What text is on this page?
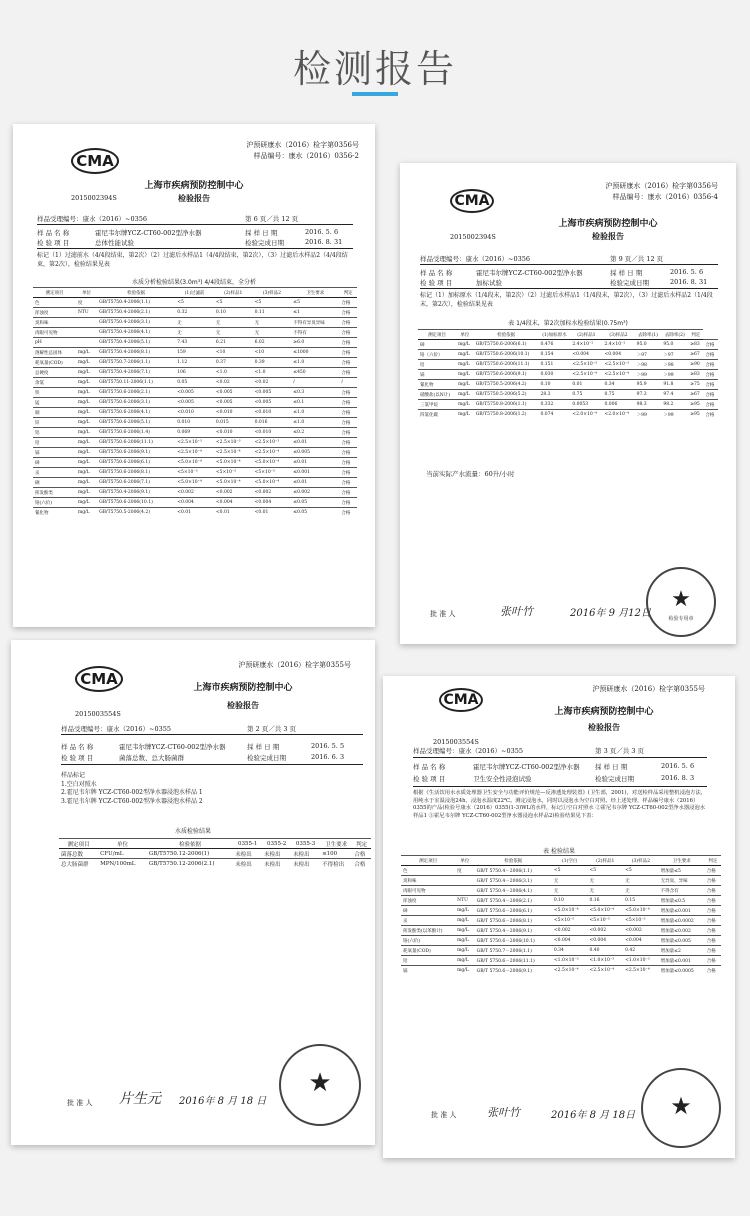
检测报告
CMA
沪预研康水（2016）检字第0356号
样品编号：康水（2016）0356-2
2015002394S
上海市疾病预防控制中心
检验报告
样品受理编号：康水（2016）~0356	第 6 页／共 12 页
样 品 名 称	霍尼韦尔牌YCZ-CT60-002型净水器	採 样 日 期	2016. 5. 6
检 验 项 目	总体性能试验	检验完成日期	2016. 8. 31
标记（1）过滤前水（4/4段结束，第2次）（2）过滤后水样品1（4/4段结束，第2次），（3）过滤后水样品2（4/4段结束，第2次），检验结果见表
水质分析检验结果(3.0m³) 4/4段结束，全分析
测定项目	单位	检验依据	(1)过滤前	(2)样品1	(3)样品2	卫生要求	判定
色	度	GB/T5750.4-2006(1.1)	<5	<5	<5	≤5	合格
浑浊度	NTU	GB/T5750.4-2006(2.1)	0.32	0.10	0.11	≤1	合格
臭和味		GB/T5750.4-2006(3.1)	无	无	无	不得有异臭异味	合格
肉眼可见物		GB/T5750.4-2006(4.1)	无	无	无	不得有	合格
pH		GB/T5750.4-2006(5.1)	7.43	6.21	6.02	≥6.0	合格
溶解性总固体	mg/L	GB/T5750.4-2006(8.1)	159	<10	<10	≤1000	合格
耗氧量(COD)	mg/L	GB/T5750.7-2006(1.1)	1.12	0.37	0.39	≤1.0	合格
总硬度	mg/L	GB/T5750.4-2006(7.1)	106	<1.0	<1.0	≤450	合格
余氯	mg/L	GB/T5750.11-2006(1.1)	0.05	<0.02	<0.02	/	/
铁	mg/L	GB/T5750.6-2006(2.1)	<0.005	<0.005	<0.005	≤0.3	合格
锰	mg/L	GB/T5750.6-2006(3.1)	<0.005	<0.005	<0.005	≤0.1	合格
铜	mg/L	GB/T5750.6-2006(4.1)	<0.010	<0.010	<0.010	≤1.0	合格
锌	mg/L	GB/T5750.6-2006(5.1)	0.010	0.015	0.016	≤1.0	合格
铝	mg/L	GB/T5750.6-2006(1.4)	0.069	<0.010	<0.010	≤0.2	合格
铅	mg/L	GB/T5750.6-2006(11.1)	<2.5×10⁻³	<2.5×10⁻³	<2.5×10⁻³	≤0.01	合格
镉	mg/L	GB/T5750.6-2006(9.1)	<2.5×10⁻⁴	<2.5×10⁻⁴	<2.5×10⁻⁴	≤0.005	合格
砷	mg/L	GB/T5750.6-2006(6.1)	<5.0×10⁻⁴	<5.0×10⁻⁴	<5.0×10⁻⁴	≤0.01	合格
汞	mg/L	GB/T5750.6-2006(8.1)	<5×10⁻⁵	<5×10⁻⁵	<5×10⁻⁵	≤0.001	合格
硒	mg/L	GB/T5750.6-2006(7.1)	<5.0×10⁻⁴	<5.0×10⁻⁴	<5.0×10⁻⁴	≤0.01	合格
挥发酚类	mg/L	GB/T5750.4-2006(9.1)	<0.002	<0.002	<0.002	≤0.002	合格
铬(六价)	mg/L	GB/T5750.6-2006(10.1)	<0.004	<0.004	<0.004	≤0.05	合格
氰化物	mg/L	GB/T5750.5-2006(4.2)	<0.01	<0.01	<0.01	≤0.05	合格
CMA
沪预研康水（2016）检字第0356号
样品编号：康水（2016）0356-4
2015002394S
上海市疾病预防控制中心
检验报告
样品受理编号：康水（2016）~0356	第 9 页／共 12 页
样 品 名 称	霍尼韦尔牌YCZ-CT60-002型净水器	採 样 日 期	2016. 5. 6
检 验 项 目	加标试验	检验完成日期	2016. 8. 31
标记（1）加标原水（1/4段末，第2次）（2）过滤后水样品1（1/4段末，第2次），（3）过滤后水样品2（1/4段末，第2次），检验结果见表
表 1/4段末，第2次加标水检验结果(0.75m³)
测定项目	单位	检验依据	(1)加标原水	(2)样品1	(3)样品2	去除率(1)	去除率(2)	判定	
砷	mg/L	GB/T5750.6-2006(6.1)	0.476	2.4×10⁻²	2.4×10⁻²	95.0	95.0	≥83	合格
铬（六价）	mg/L	GB/T5750.6-2006(10.1)	0.154	<0.004	<0.004	＞97	＞97	≥67	合格
铅	mg/L	GB/T5750.6-2006(11.1)	0.151	<2.5×10⁻³	<2.5×10⁻³	＞98	＞98	≥90	合格
镉	mg/L	GB/T5750.6-2006(9.1)	0.030	<2.5×10⁻⁴	<2.5×10⁻⁴	＞99	＞99	≥83	合格
氰化物	mg/L	GB/T5750.5-2006(4.2)	0.10	0.01	0.34	95.9	91.8	≥75	合格
硝酸盐(以N计)	mg/L	GB/T5750.5-2006(5.2)	28.3	0.75	0.75	97.3	97.4	≥67	合格
三氯甲烷	mg/L	GB/T5750.8-2006(1.1)	0.332	0.0053	0.006	98.3	98.2	≥95	合格
四氯化碳	mg/L	GB/T5750.8-2006(1.2)	0.074	<2.0×10⁻⁴	<2.0×10⁻⁴	＞99	＞99	≥95	合格
当前实际产水流量：60升/小时
批 准 人	张叶竹	2016年 9 月12日
★
检验专用章
CMA
沪预研康水（2016）检字第0355号
2015003554S
上海市疾病预防控制中心
检验报告
样品受理编号：康水（2016）~0355	第 2 页／共 3 页
样 品 名 称	霍尼韦尔牌YCZ-CT60-002型净水器	採 样 日 期	2016. 5. 5
检 验 项 目	菌落总数、总大肠菌群	检验完成日期	2016. 6. 3
样品标记
1.空白对照水
2.霍尼韦尔牌 YCZ-CT60-002型净水器浸泡水样品 1
3.霍尼韦尔牌 YCZ-CT60-002型净水器浸泡水样品 2
水质检验结果
测定项目	单位	检验依据	0355-1	0355-2	0355-3	卫生要求	判定
菌落总数	CFU/mL	GB/T5750.12-2006(1)	未检出	未检出	未检出	≤100	合格
总大肠菌群	MPN/100mL	GB/T5750.12-2006(2.1)	未检出	未检出	未检出	不得检出	合格
批 准 人 片生元 2016年 8 月 18 日
★
CMA
沪预研康水（2016）检字第0355号
2015003554S
上海市疾病预防控制中心
检验报告
样品受理编号：康水（2016）~0355	第 3 页／共 3 页
样 品 名 称	霍尼韦尔牌YCZ-CT60-002型净水器 採 样 日 期	2016. 5. 6
检 验 项 目	卫生安全性浸泡试验	检验完成日期	2016. 8. 3
根据《生活饮用水水质处理器卫生安全与功能评价规范—反渗透处理装置》(卫生部，2001)，对送检样品采用整机浸泡方法，用纯水于室温浸泡24h，浸泡水温度22℃。测定浸泡水，同时以浸泡水为空白对照。经上述处理，样品编号康水（2016）0355的产品(检验号康水（2016）0355(1-3)WL的水样，标记①空白对照水 ②霍尼韦尔牌 YCZ-CT60-002型净水器浸泡水样品1 ③霍尼韦尔牌 YCZ-CT60-002型净水器浸泡水样品2)检验结果见下表：
表 检验结果
测定项目	单位	检验依据	(1)空白	(2)样品1	(3)样品2	卫生要求	判定
色	度	GB/T 5750.4－2006(1.1)	<5	<5	<5	增加量≤5	合格
臭和味		GB/T 5750.4－2006(3.1)	无	无	无	无异臭、异味	合格
肉眼可见物		GB/T 5750.4－2006(4.1)	无	无	无	不得含有	合格
浑浊度	NTU	GB/T 5750.4－2006(2.1)	0.10	0.16	0.15	增加量≤0.5	合格
砷	mg/L	GB/T 5750.6－2006(6.1)	<5.0×10⁻⁴	<5.0×10⁻⁴	<5.0×10⁻⁴	增加量≤0.001	合格
汞	mg/L	GB/T 5750.6－2006(8.1)	<5×10⁻⁵	<5×10⁻⁵	<5×10⁻⁵	增加量≤0.0002	合格
挥发酚类(以苯酚计)	mg/L	GB/T 5750.4－2006(9.1)	<0.002	<0.002	<0.002	增加量≤0.002	合格
铬(六价)	mg/L	GB/T 5750.6－2006(10.1)	<0.004	<0.004	<0.004	增加量≤0.005	合格
耗氧量(COD)	mg/L	GB/T 5750.7－2006(1.1)	0.34	0.40	0.42	增加量≤2	合格
铅	mg/L	GB/T 5750.6－2006(11.1)	<1.0×10⁻³	<1.0×10⁻³	<1.0×10⁻³	增加量≤0.001	合格
镉	mg/L	GB/T 5750.6－2006(9.1)	<2.5×10⁻⁴	<2.5×10⁻⁴	<2.5×10⁻⁴	增加量≤0.0005	合格
批 准 人	张叶竹	2016年 8 月 18日	★
